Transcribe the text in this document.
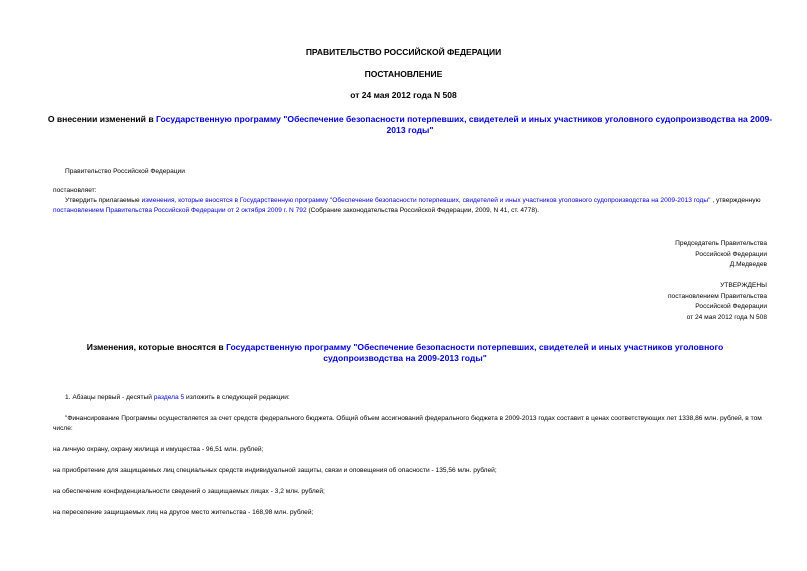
ПРАВИТЕЛЬСТВО РОССИЙСКОЙ ФЕДЕРАЦИИ
ПОСТАНОВЛЕНИЕ
от 24 мая 2012 года N 508
О внесении изменений в Государственную программу "Обеспечение безопасности потерпевших, свидетелей и иных участников уголовного судопроизводства на 2009-2013 годы"
Правительство Российской Федерации
постановляет:
Утвердить прилагаемые изменения, которые вносятся в Государственную программу "Обеспечение безопасности потерпевших, свидетелей и иных участников уголовного судопроизводства на 2009-2013 годы" , утвержденную постановлением Правительства Российской Федерации от 2 октября 2009 г. N 792 (Собрание законодательства Российской Федерации, 2009, N 41, ст. 4778).
Председатель Правительства
Российской Федерации
Д.Медведев
УТВЕРЖДЕНЫ
постановлением Правительства
Российской Федерации
от 24 мая 2012 года N 508
Изменения, которые вносятся в Государственную программу "Обеспечение безопасности потерпевших, свидетелей и иных участников уголовного судопроизводства на 2009-2013 годы"
1. Абзацы первый - десятый раздела 5 изложить в следующей редакции:
"Финансирование Программы осуществляется за счет средств федерального бюджета. Общий объем ассигнований федерального бюджета в 2009-2013 годах составит в ценах соответствующих лет 1338,86 млн. рублей, в том числе:
на личную охрану, охрану жилища и имущества - 96,51 млн. рублей;
на приобретение для защищаемых лиц специальных средств индивидуальной защиты, связи и оповещения об опасности - 135,56 млн. рублей;
на обеспечение конфиденциальности сведений о защищаемых лицах - 3,2 млн. рублей;
на переселение защищаемых лиц на другое место жительства - 168,98 млн. рублей;
